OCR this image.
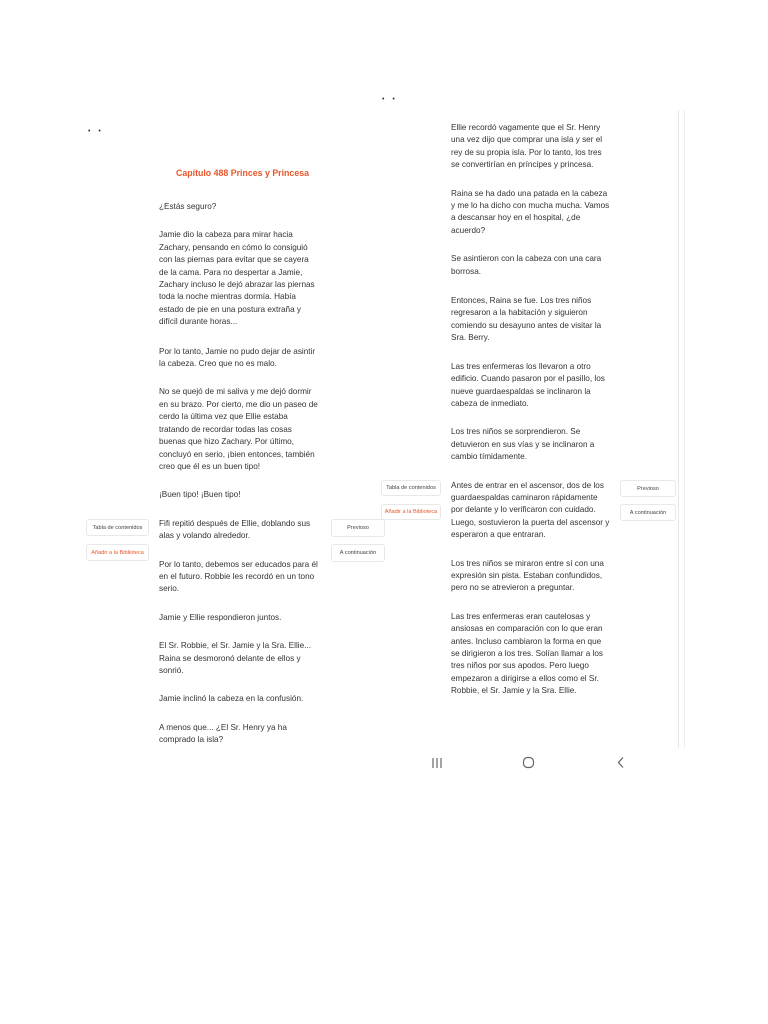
• •
• •
Capítulo 488 Princes y Princesa

¿Estás seguro?

Jamie dio la cabeza para mirar hacia Zachary, pensando en cómo lo consiguió con las piernas para evitar que se cayera de la cama. Para no despertar a Jamie, Zachary incluso le dejó abrazar las piernas toda la noche mientras dormía. Había estado de pie en una postura extraña y difícil durante horas...

Por lo tanto, Jamie no pudo dejar de asintir la cabeza. Creo que no es malo.

No se quejó de mi saliva y me dejó dormir en su brazo. Por cierto, me dio un paseo de cerdo la última vez que Ellie estaba tratando de recordar todas las cosas buenas que hizo Zachary. Por último, concluyó en serio, ¡bien entonces, también creo que él es un buen tipo!

¡Buen tipo! ¡Buen tipo!

Fifi repitió después de Ellie, doblando sus alas y volando alrededor.

Por lo tanto, debemos ser educados para él en el futuro. Robbie les recordó en un tono serio.

Jamie y Ellie respondieron juntos.

El Sr. Robbie, el Sr. Jamie y la Sra. Ellie... Raina se desmoronó delante de ellos y sonrió.

Jamie inclinó la cabeza en la confusión.

A menos que... ¿El Sr. Henry ya ha comprado la isla?

Tabla de contenidos
Añadir a la Biblioteca
Previoso
A continuación

Ellie recordó vagamente que el Sr. Henry una vez dijo que comprar una isla y ser el rey de su propia isla. Por lo tanto, los tres se convertirían en príncipes y princesa.

Raina se ha dado una patada en la cabeza y me lo ha dicho con mucha mucha. Vamos a descansar hoy en el hospital, ¿de acuerdo?

Se asintieron con la cabeza con una cara borrosa.

Entonces, Raina se fue. Los tres niños regresaron a la habitación y siguieron comiendo su desayuno antes de visitar la Sra. Berry.

Las tres enfermeras los llevaron a otro edificio. Cuando pasaron por el pasillo, los nueve guardaespaldas se inclinaron la cabeza de inmediato.

Los tres niños se sorprendieron. Se detuvieron en sus vías y se inclinaron a cambio tímidamente.

Antes de entrar en el ascensor, dos de los guardaespaldas caminaron rápidamente por delante y lo verificaron con cuidado. Luego, sostuvieron la puerta del ascensor y esperaron a que entraran.

Los tres niños se miraron entre sí con una expresión sin pista. Estaban confundidos, pero no se atrevieron a preguntar.

Las tres enfermeras eran cautelosas y ansiosas en comparación con lo que eran antes. Incluso cambiaron la forma en que se dirigieron a los tres. Solían llamar a los tres niños por sus apodos. Pero luego empezaron a dirigirse a ellos como el Sr. Robbie, el Sr. Jamie y la Sra. Ellie.

Tabla de contenidos
Añadir a la Biblioteca
Previoso
A continuación
